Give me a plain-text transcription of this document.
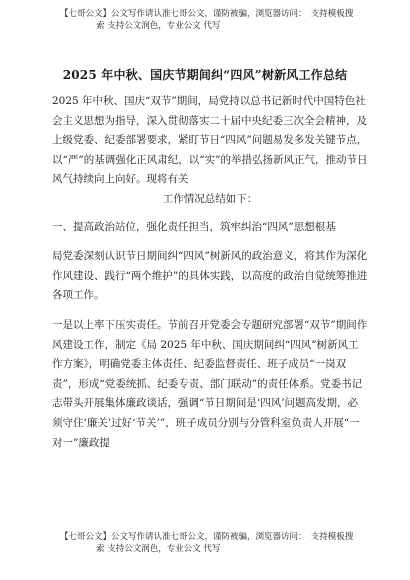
【七哥公文】公文写作请认准七哥公文，谨防被骗，浏览器访问：　支持模板搜
索 支持公文润色，专业公文 代写
2025 年中秋、国庆节期间纠“四风”树新风工作总结

2025 年中秋、国庆“双节”期间，局党持以总书记新时代中国特色社会主义思想为指导，深入贯彻落实二十届中央纪委三次全会精神，及上级党委、纪委部署要求，紧盯节日“四风”问题易发多发关键节点，以“严”的基调强化正风肃纪，以“实”的举措弘扬新风正气，推动节日风气持续向上向好。现将有关

工作情况总结如下：

一、提高政治站位，强化责任担当，筑牢纠治“四风”思想根基

局党委深刻认识节日期间纠“四风”树新风的政治意义，将其作为深化作风建设、践行“两个维护”的具体实践，以高度的政治自觉统筹推进各项工作。

一是以上率下压实责任。节前召开党委会专题研究部署“双节”期间作风建设工作，制定《局 2025 年中秋、国庆期间纠“四风”树新风工作方案》，明确党委主体责任、纪委监督责任、班子成员“一岗双责”，形成“党委统抓、纪委专责、部门联动”的责任体系。党委书记志带头开展集体廉政谈话，强调“节日期间是‘四风’问题高发期，必须守住‘廉关’过好‘节关’”，班子成员分别与分管科室负责人开展“一对一”廉政提

【七哥公文】公文写作请认准七哥公文，谨防被骗，浏览器访问：　支持模板搜
索 支持公文润色，专业公文 代写
